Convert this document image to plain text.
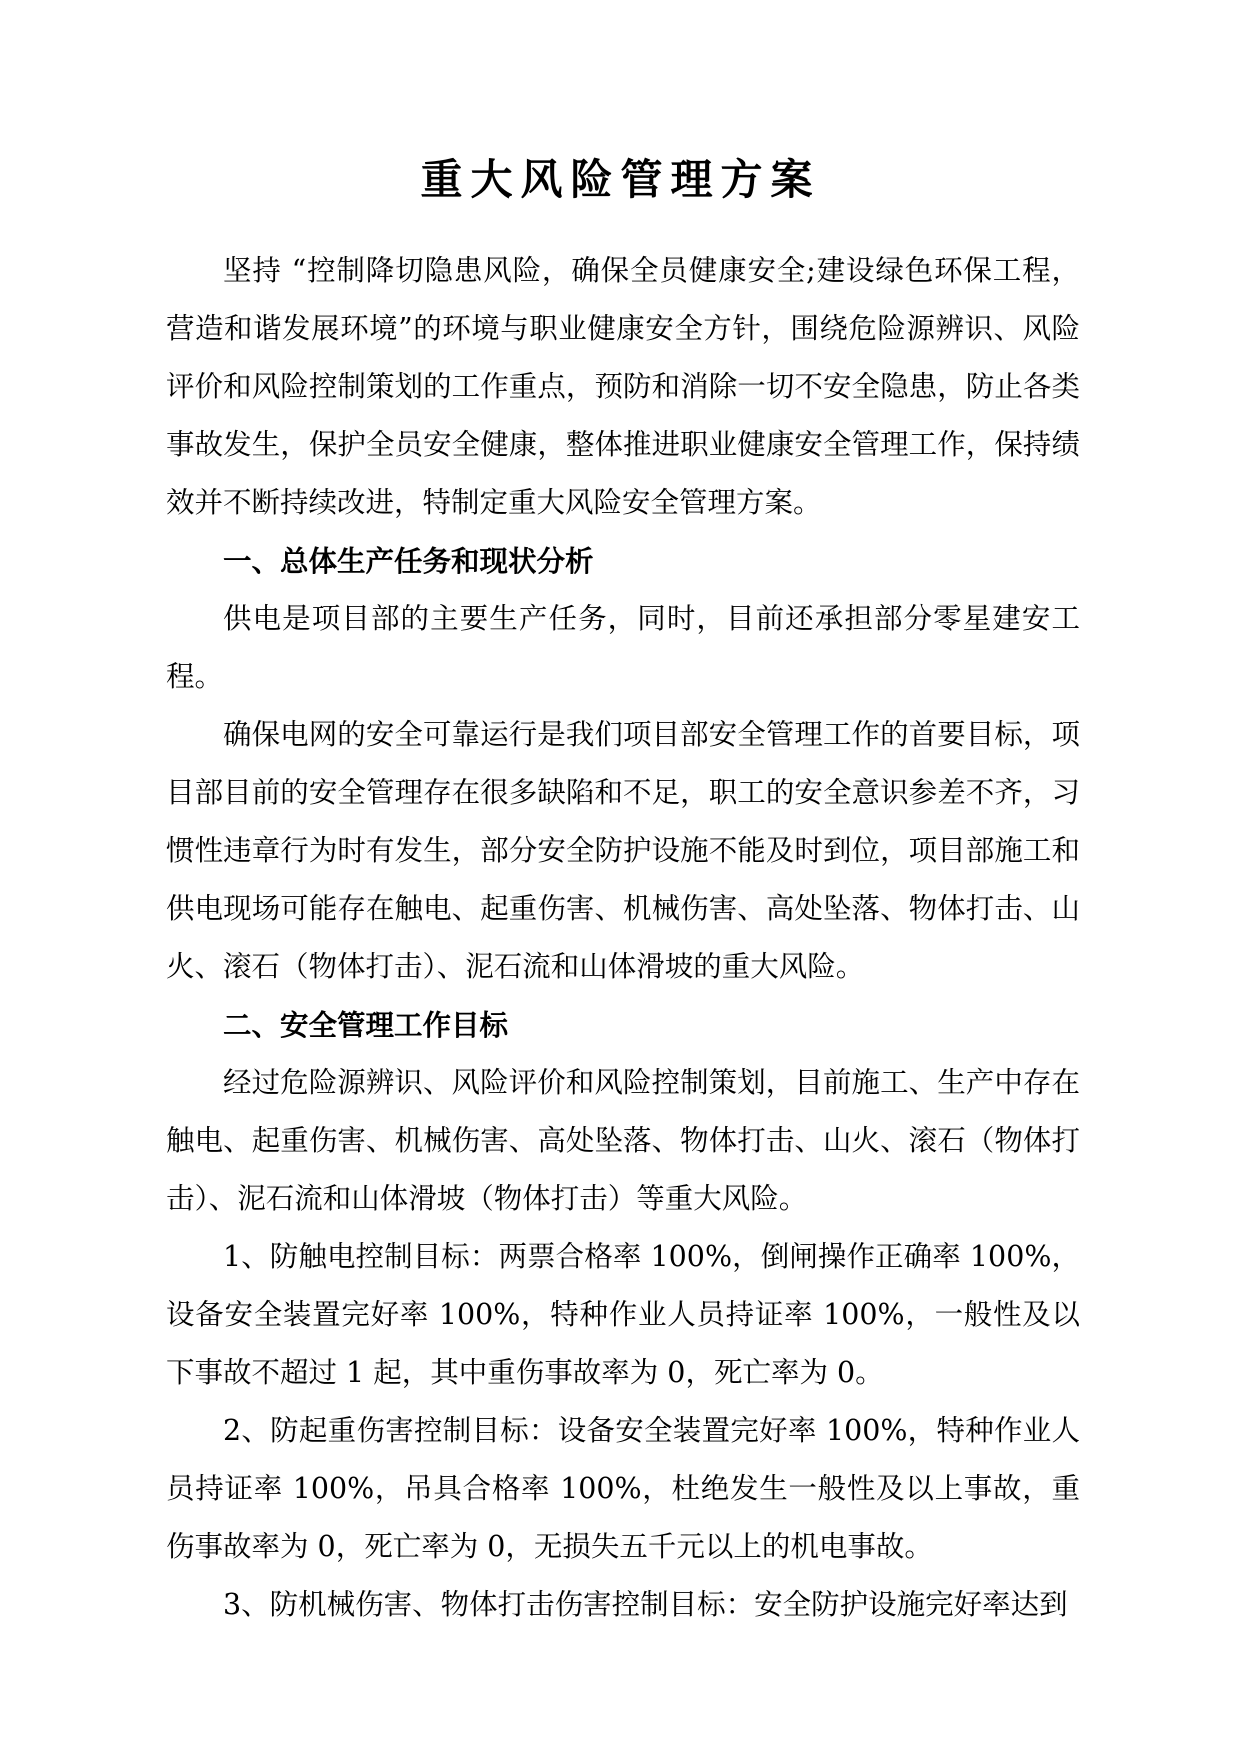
重大风险管理方案

坚持 “控制降切隐患风险，确保全员健康安全;建设绿色环保工程，营造和谐发展环境”的环境与职业健康安全方针，围绕危险源辨识、风险评价和风险控制策划的工作重点，预防和消除一切不安全隐患，防止各类事故发生，保护全员安全健康，整体推进职业健康安全管理工作，保持绩效并不断持续改进，特制定重大风险安全管理方案。

一、总体生产任务和现状分析

供电是项目部的主要生产任务，同时，目前还承担部分零星建安工程。

确保电网的安全可靠运行是我们项目部安全管理工作的首要目标，项目部目前的安全管理存在很多缺陷和不足，职工的安全意识参差不齐，习惯性违章行为时有发生，部分安全防护设施不能及时到位，项目部施工和供电现场可能存在触电、起重伤害、机械伤害、高处坠落、物体打击、山火、滚石（物体打击）、泥石流和山体滑坡的重大风险。

二、安全管理工作目标

经过危险源辨识、风险评价和风险控制策划，目前施工、生产中存在触电、起重伤害、机械伤害、高处坠落、物体打击、山火、滚石（物体打击）、泥石流和山体滑坡（物体打击）等重大风险。

1、防触电控制目标：两票合格率 100%，倒闸操作正确率 100%，设备安全装置完好率 100%，特种作业人员持证率 100%，一般性及以下事故不超过 1 起，其中重伤事故率为 0，死亡率为 0。

2、防起重伤害控制目标：设备安全装置完好率 100%，特种作业人员持证率 100%，吊具合格率 100%，杜绝发生一般性及以上事故，重伤事故率为 0，死亡率为 0，无损失五千元以上的机电事故。

3、防机械伤害、物体打击伤害控制目标：安全防护设施完好率达到
